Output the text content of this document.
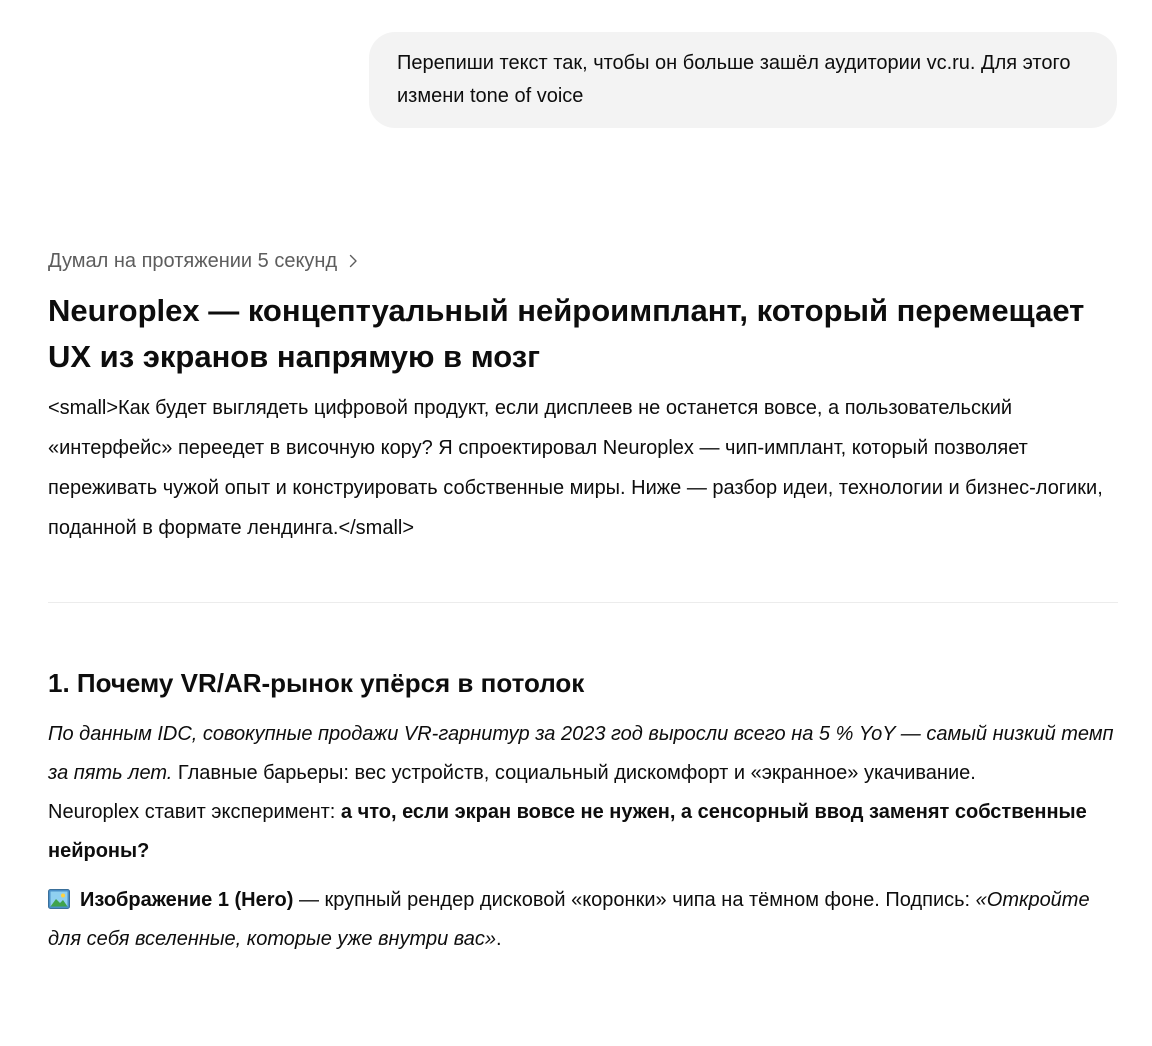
Перепиши текст так, чтобы он больше зашёл аудитории vc.ru. Для этого измени tone of voice
Думал на протяжении 5 секунд
Neuroplex — концептуальный нейроимплант, который перемещает UX из экранов напрямую в мозг

<small>Как будет выглядеть цифровой продукт, если дисплеев не останется вовсе, а пользовательский «интерфейс» переедет в височную кору? Я спроектировал Neuroplex — чип-имплант, который позволяет переживать чужой опыт и конструировать собственные миры. Ниже — разбор идеи, технологии и бизнес-логики, поданной в формате лендинга.</small>

1. Почему VR/AR-рынок упёрся в потолок

По данным IDC, совокупные продажи VR-гарнитур за 2023 год выросли всего на 5 % YoY — самый низкий темп за пять лет. Главные барьеры: вес устройств, социальный дискомфорт и «экранное» укачивание.
Neuroplex ставит эксперимент: а что, если экран вовсе не нужен, а сенсорный ввод заменят собственные нейроны?

Изображение 1 (Hero) — крупный рендер дисковой «коронки» чипа на тёмном фоне. Подпись: «Откройте для себя вселенные, которые уже внутри вас».
